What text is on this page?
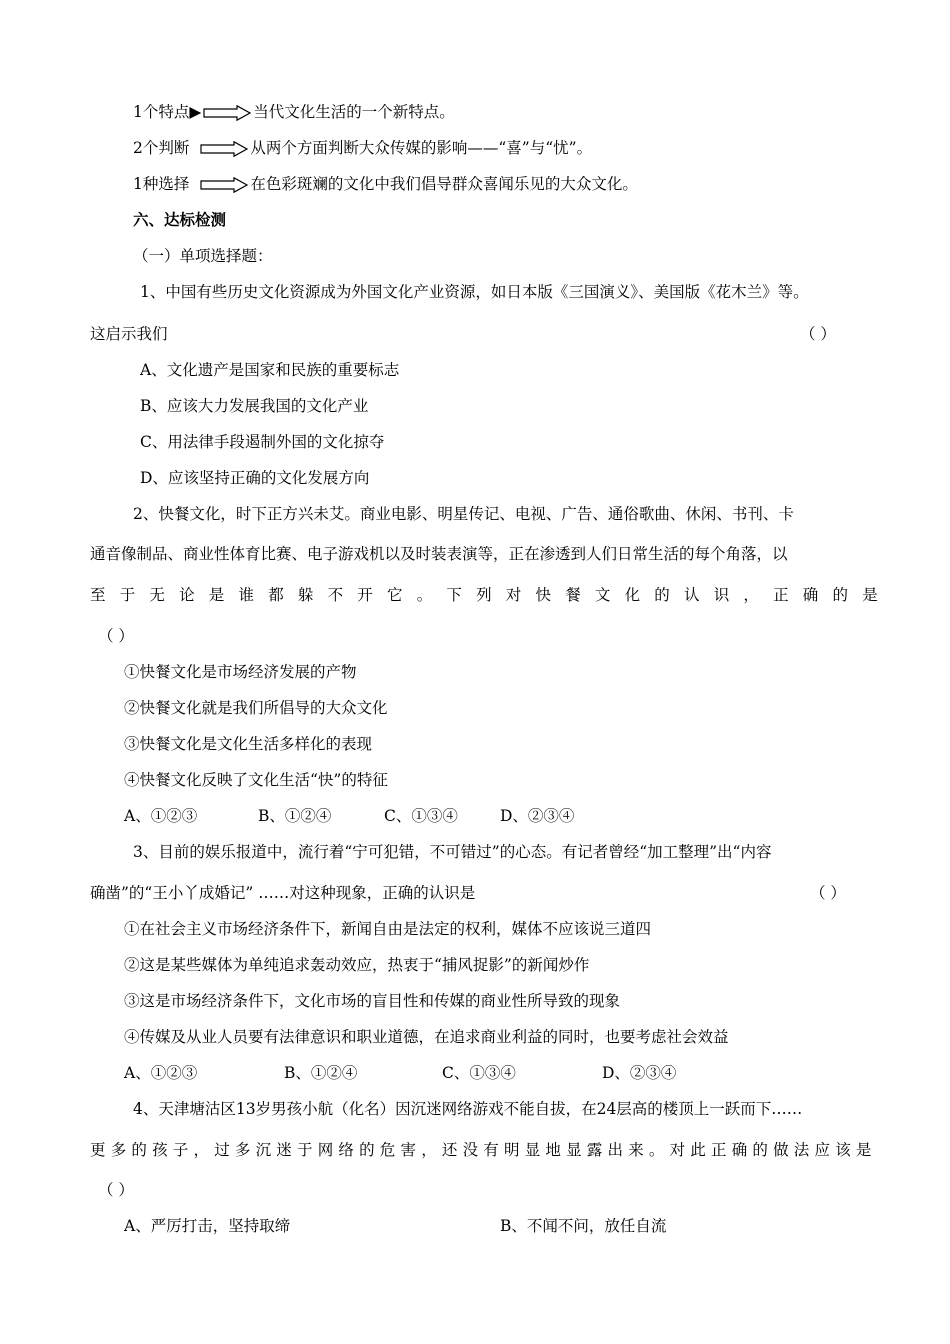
1个特点▶	当代文化生活的一个新特点。
2个判断	从两个方面判断大众传媒的影响——“喜”与“忧”。
1种选择	在色彩斑斓的文化中我们倡导群众喜闻乐见的大众文化。
六、达标检测
（一）单项选择题：
1、中国有些历史文化资源成为外国文化产业资源，如日本版《三国演义》、美国版《花木兰》等。
这启示我们	（ ）
A、文化遗产是国家和民族的重要标志
B、应该大力发展我国的文化产业
C、用法律手段遏制外国的文化掠夺
D、应该坚持正确的文化发展方向
2、快餐文化，时下正方兴未艾。商业电影、明星传记、电视、广告、通俗歌曲、休闲、书刊、卡
通音像制品、商业性体育比赛、电子游戏机以及时装表演等，正在渗透到人们日常生活的每个角落，以
至于无论是谁都躲不开它。下列对快餐文化的认识，正确的是
（ ）
①快餐文化是市场经济发展的产物
②快餐文化就是我们所倡导的大众文化
③快餐文化是文化生活多样化的表现
④快餐文化反映了文化生活“快”的特征
A、①②③	B、①②④	C、①③④	D、②③④
3、目前的娱乐报道中，流行着“宁可犯错，不可错过”的心态。有记者曾经“加工整理”出“内容
确凿”的“王小丫成婚记” ……对这种现象，正确的认识是	（ ）
①在社会主义市场经济条件下，新闻自由是法定的权利，媒体不应该说三道四
②这是某些媒体为单纯追求轰动效应，热衷于“捕风捉影”的新闻炒作
③这是市场经济条件下，文化市场的盲目性和传媒的商业性所导致的现象
④传媒及从业人员要有法律意识和职业道德，在追求商业利益的同时，也要考虑社会效益
A、①②③	B、①②④	C、①③④	D、②③④
4、天津塘沽区13岁男孩小航（化名）因沉迷网络游戏不能自拔，在24层高的楼顶上一跃而下……
更多的孩子，过多沉迷于网络的危害，还没有明显地显露出来。对此正确的做法应该是
（ ）
A、严厉打击，坚持取缔	B、不闻不问，放任自流
